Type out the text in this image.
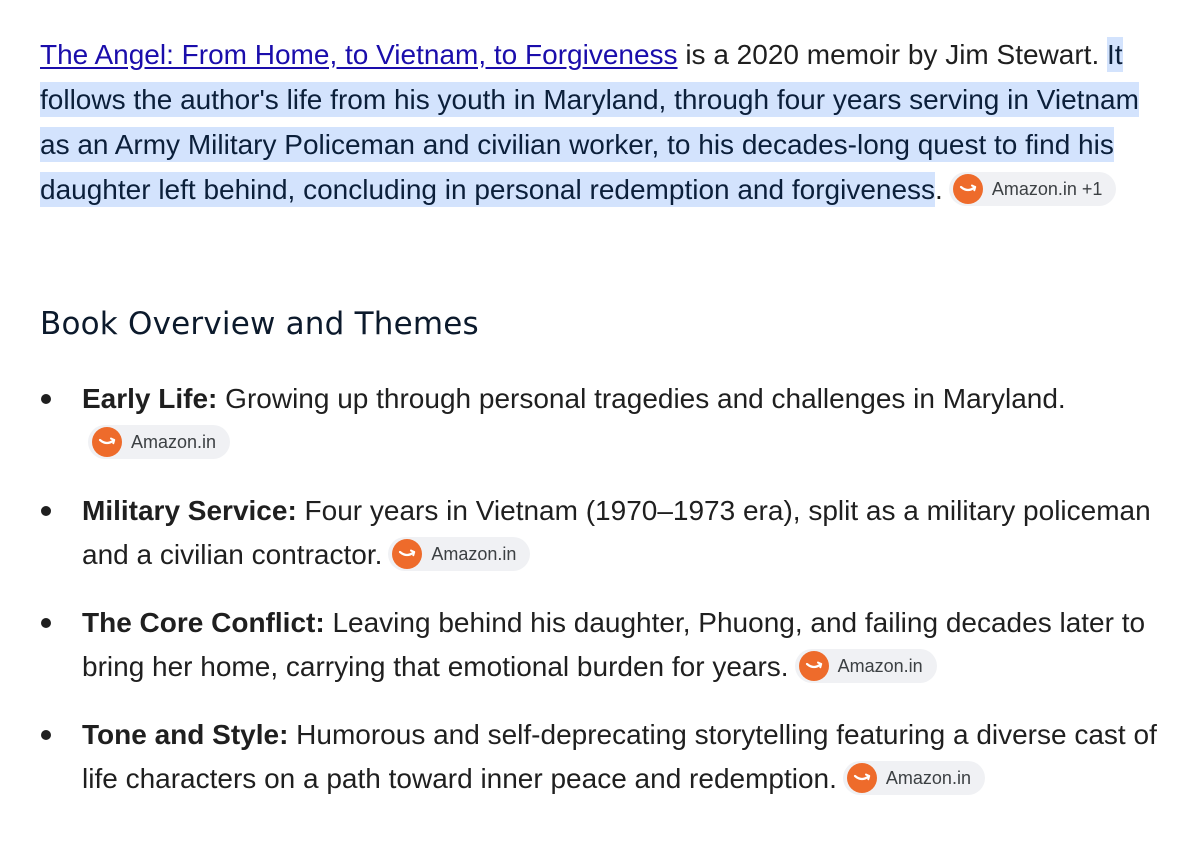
The Angel: From Home, to Vietnam, to Forgiveness is a 2020 memoir by Jim Stewart. It follows the author's life from his youth in Maryland, through four years serving in Vietnam as an Army Military Policeman and civilian worker, to his decades-long quest to find his daughter left behind, concluding in personal redemption and forgiveness.	Amazon.in +1

Book Overview and Themes
Early Life: Growing up through personal tragedies and challenges in Maryland.
Amazon.in
Military Service: Four years in Vietnam (1970–1973 era), split as a military policeman and a civilian contractor.	Amazon.in
The Core Conflict: Leaving behind his daughter, Phuong, and failing decades later to bring her home, carrying that emotional burden for years.	Amazon.in
Tone and Style: Humorous and self-deprecating storytelling featuring a diverse cast of life characters on a path toward inner peace and redemption.	Amazon.in
